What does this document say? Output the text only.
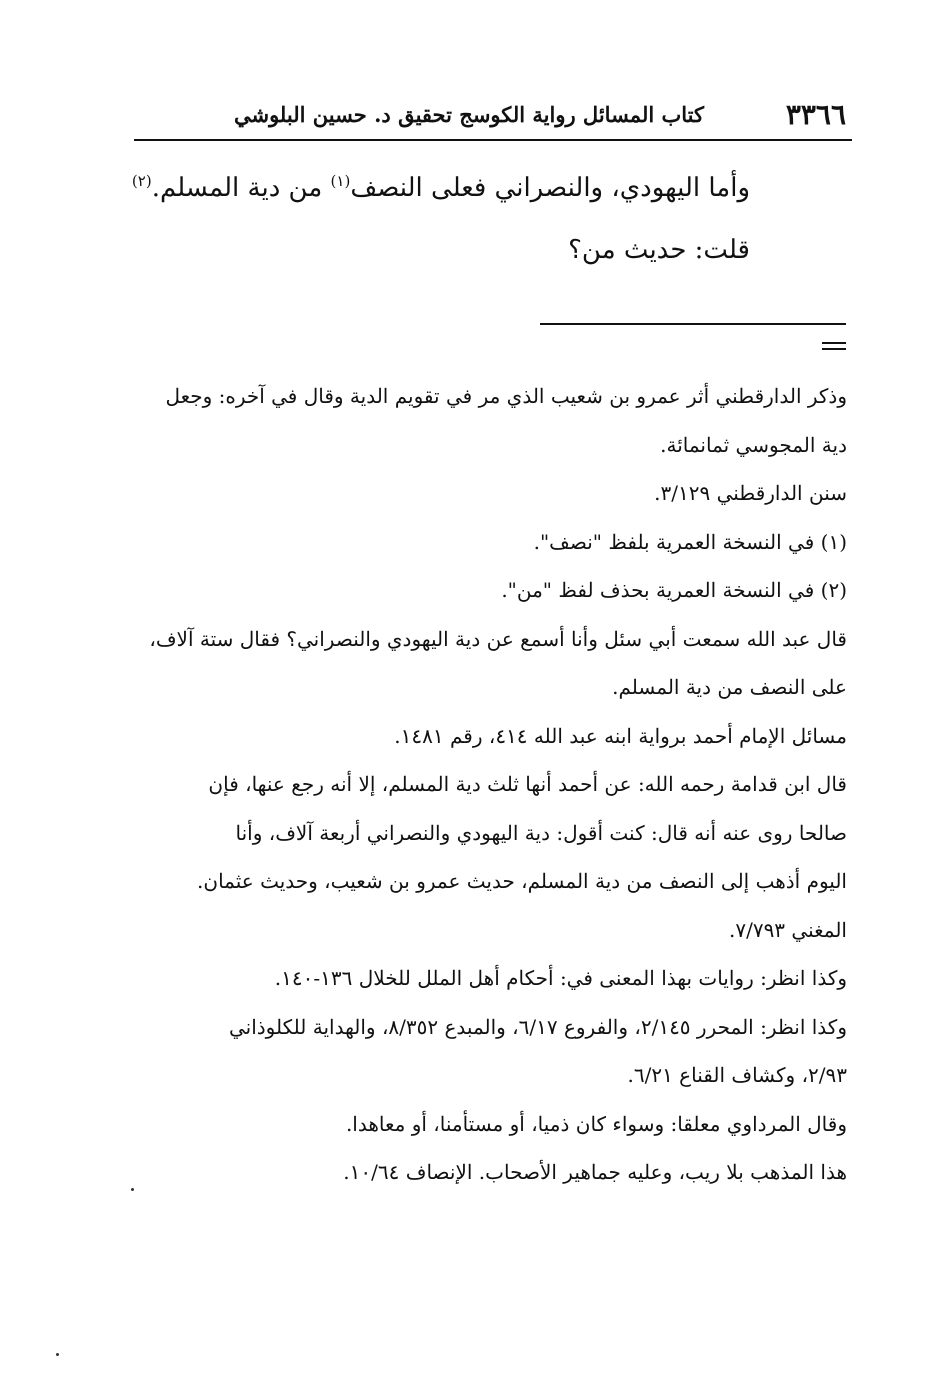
٣٣٦٦
كتاب المسائل رواية الكوسج تحقيق د. حسين البلوشي
وأما اليهودي، والنصراني فعلى النصف$^{(١)}$ من دية المسلم.$^{(٢)}$
قلت: حديث من؟
وذكر الدارقطني أثر عمرو بن شعيب الذي مر في تقويم الدية وقال في آخره: وجعل
دية المجوسي ثمانمائة.
سنن الدارقطني ٣/١٢٩.
(١) في النسخة العمرية بلفظ "نصف".
(٢) في النسخة العمرية بحذف لفظ "من".
قال عبد الله سمعت أبي سئل وأنا أسمع عن دية اليهودي والنصراني؟ فقال ستة آلاف،
على النصف من دية المسلم.
مسائل الإمام أحمد برواية ابنه عبد الله ٤١٤، رقم ١٤٨١.
قال ابن قدامة رحمه الله: عن أحمد أنها ثلث دية المسلم، إلا أنه رجع عنها، فإن
صالحا روى عنه أنه قال: كنت أقول: دية اليهودي والنصراني أربعة آلاف، وأنا
اليوم أذهب إلى النصف من دية المسلم، حديث عمرو بن شعيب، وحديث عثمان.
المغني ٧/٧٩٣.
وكذا انظر: روايات بهذا المعنى في: أحكام أهل الملل للخلال ١٣٦-١٤٠.
وكذا انظر: المحرر ٢/١٤٥، والفروع ٦/١٧، والمبدع ٨/٣٥٢، والهداية للكلوذاني
٢/٩٣، وكشاف القناع ٦/٢١.
وقال المرداوي معلقا: وسواء كان ذميا، أو مستأمنا، أو معاهدا.
هذا المذهب بلا ريب، وعليه جماهير الأصحاب. الإنصاف ١٠/٦٤.
